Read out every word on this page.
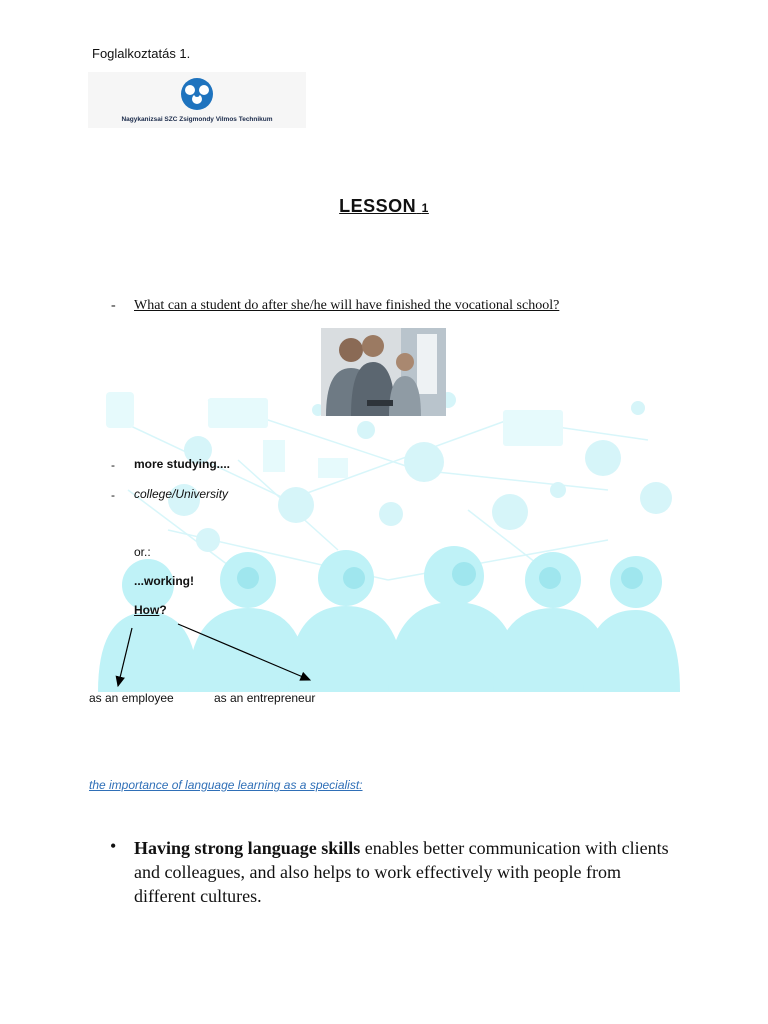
Foglalkoztatás 1.
Nagykanizsai SZC Zsigmondy Vilmos Technikum
LESSON 1
- What can a student do after she/he will have finished the vocational school?
- more studying....
- college/University
or.:
...working!
How?
as an employee	as an entrepreneur
the importance of language learning as a specialist:
• Having strong language skills enables better communication with clients and colleagues, and also helps to work effectively with people from different cultures.
